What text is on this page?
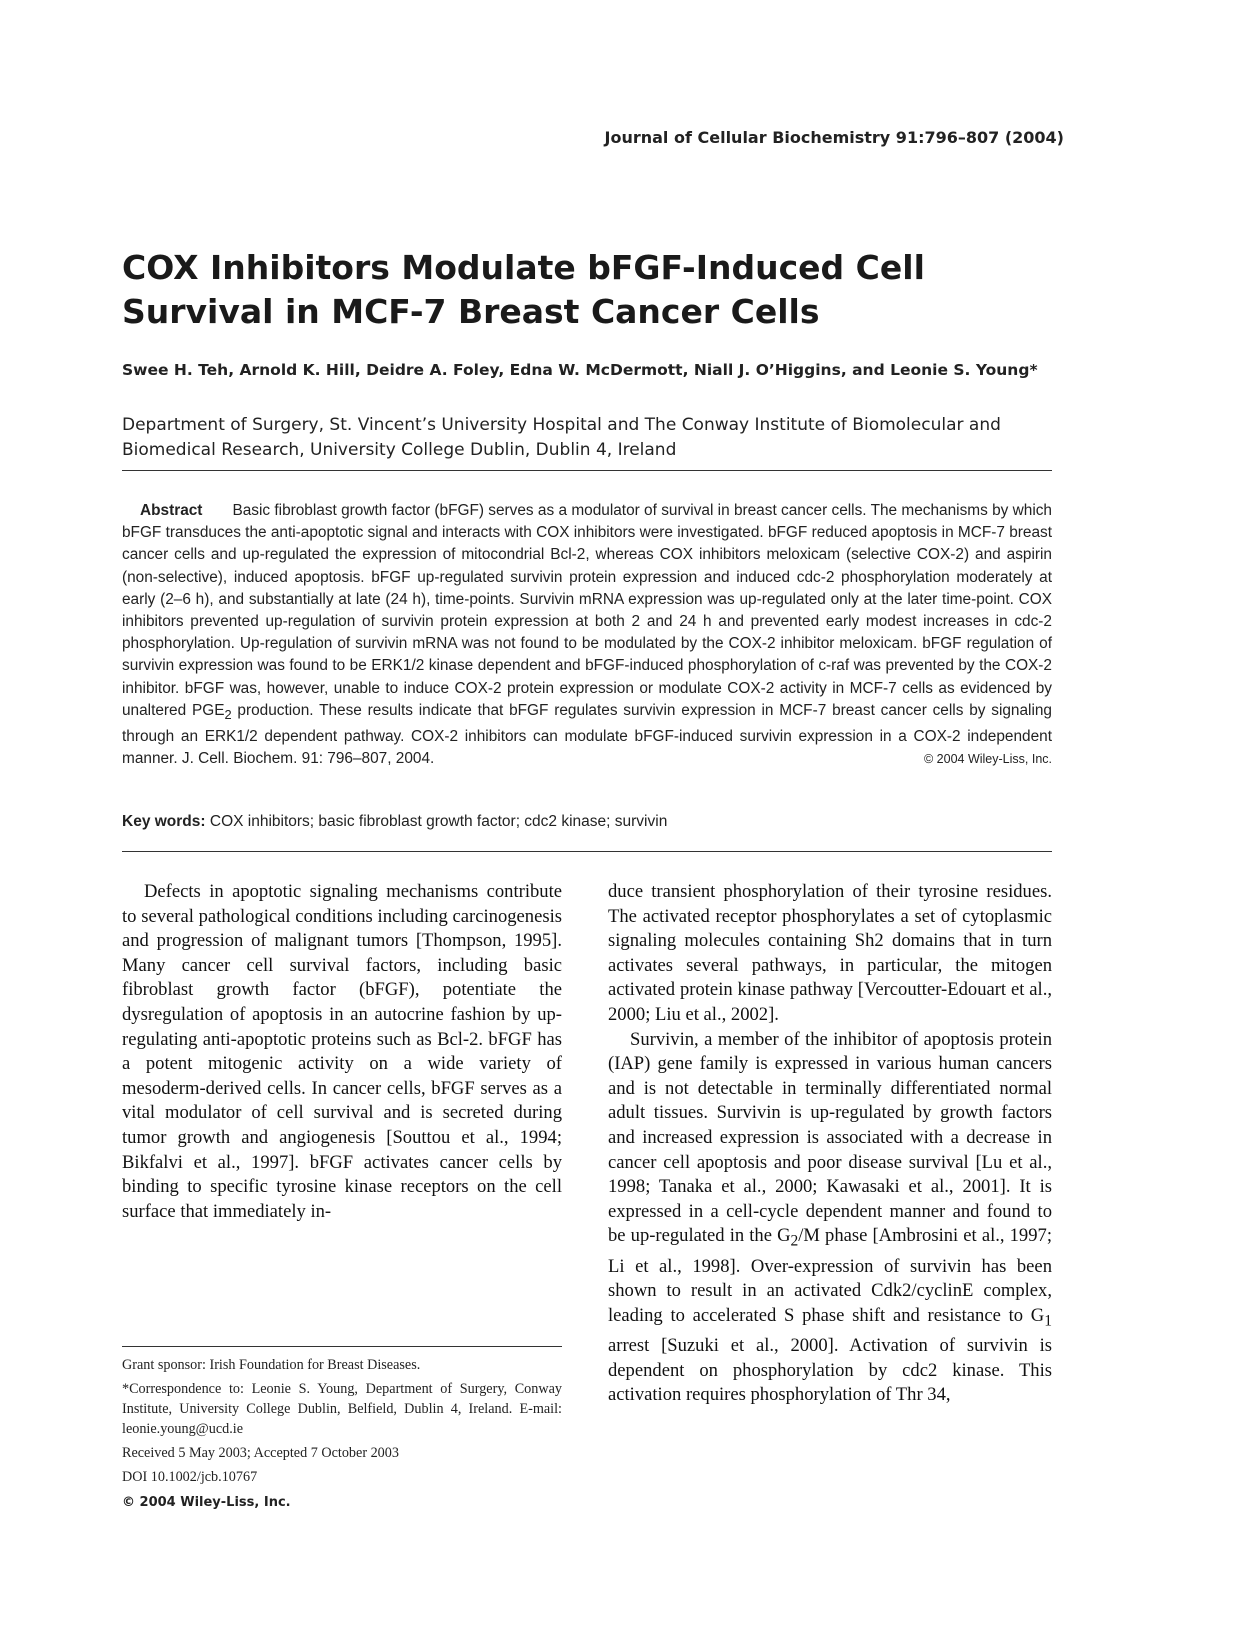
Journal of Cellular Biochemistry 91:796–807 (2004)
COX Inhibitors Modulate bFGF-Induced Cell Survival in MCF-7 Breast Cancer Cells
Swee H. Teh, Arnold K. Hill, Deidre A. Foley, Edna W. McDermott, Niall J. O’Higgins, and Leonie S. Young*
Department of Surgery, St. Vincent’s University Hospital and The Conway Institute of Biomolecular and Biomedical Research, University College Dublin, Dublin 4, Ireland
Abstract Basic fibroblast growth factor (bFGF) serves as a modulator of survival in breast cancer cells. The mechanisms by which bFGF transduces the anti-apoptotic signal and interacts with COX inhibitors were investigated. bFGF reduced apoptosis in MCF-7 breast cancer cells and up-regulated the expression of mitocondrial Bcl-2, whereas COX inhibitors meloxicam (selective COX-2) and aspirin (non-selective), induced apoptosis. bFGF up-regulated survivin protein expression and induced cdc-2 phosphorylation moderately at early (2–6 h), and substantially at late (24 h), time-points. Survivin mRNA expression was up-regulated only at the later time-point. COX inhibitors prevented up-regulation of survivin protein expression at both 2 and 24 h and prevented early modest increases in cdc-2 phosphorylation. Up-regulation of survivin mRNA was not found to be modulated by the COX-2 inhibitor meloxicam. bFGF regulation of survivin expression was found to be ERK1/2 kinase dependent and bFGF-induced phosphorylation of c-raf was prevented by the COX-2 inhibitor. bFGF was, however, unable to induce COX-2 protein expression or modulate COX-2 activity in MCF-7 cells as evidenced by unaltered $PGE_2$ production. These results indicate that bFGF regulates survivin expression in MCF-7 breast cancer cells by signaling through an ERK1/2 dependent pathway. COX-2 inhibitors can modulate bFGF-induced survivin expression in a COX-2 independent manner. J. Cell. Biochem. 91: 796–807, 2004.	© 2004 Wiley-Liss, Inc.
Key words: COX inhibitors; basic fibroblast growth factor; cdc2 kinase; survivin

Defects in apoptotic signaling mechanisms contribute to several pathological conditions including carcinogenesis and progression of malignant tumors [Thompson, 1995]. Many cancer cell survival factors, including basic fibroblast growth factor (bFGF), potentiate the dysregulation of apoptosis in an autocrine fashion by up-regulating anti-apoptotic proteins such as Bcl-2. bFGF has a potent mitogenic activity on a wide variety of mesoderm-derived cells. In cancer cells, bFGF serves as a vital modulator of cell survival and is secreted during tumor growth and angiogenesis [Souttou et al., 1994; Bikfalvi et al., 1997]. bFGF activates cancer cells by binding to specific tyrosine kinase receptors on the cell surface that immediately in-

duce transient phosphorylation of their tyrosine residues. The activated receptor phosphorylates a set of cytoplasmic signaling molecules containing Sh2 domains that in turn activates several pathways, in particular, the mitogen activated protein kinase pathway [Vercoutter-Edouart et al., 2000; Liu et al., 2002].

Survivin, a member of the inhibitor of apoptosis protein (IAP) gene family is expressed in various human cancers and is not detectable in terminally differentiated normal adult tissues. Survivin is up-regulated by growth factors and increased expression is associated with a decrease in cancer cell apoptosis and poor disease survival [Lu et al., 1998; Tanaka et al., 2000; Kawasaki et al., 2001]. It is expressed in a cell-cycle dependent manner and found to be up-regulated in the $G_2/M$ phase [Ambrosini et al., 1997; Li et al., 1998]. Over-expression of survivin has been shown to result in an activated Cdk2/cyclinE complex, leading to accelerated S phase shift and resistance to $G_1$ arrest [Suzuki et al., 2000]. Activation of survivin is dependent on phosphorylation by cdc2 kinase. This activation requires phosphorylation of Thr 34,

Grant sponsor: Irish Foundation for Breast Diseases.
*Correspondence to: Leonie S. Young, Department of Surgery, Conway Institute, University College Dublin, Belfield, Dublin 4, Ireland. E-mail: leonie.young@ucd.ie
Received 5 May 2003; Accepted 7 October 2003
DOI 10.1002/jcb.10767
© 2004 Wiley-Liss, Inc.
